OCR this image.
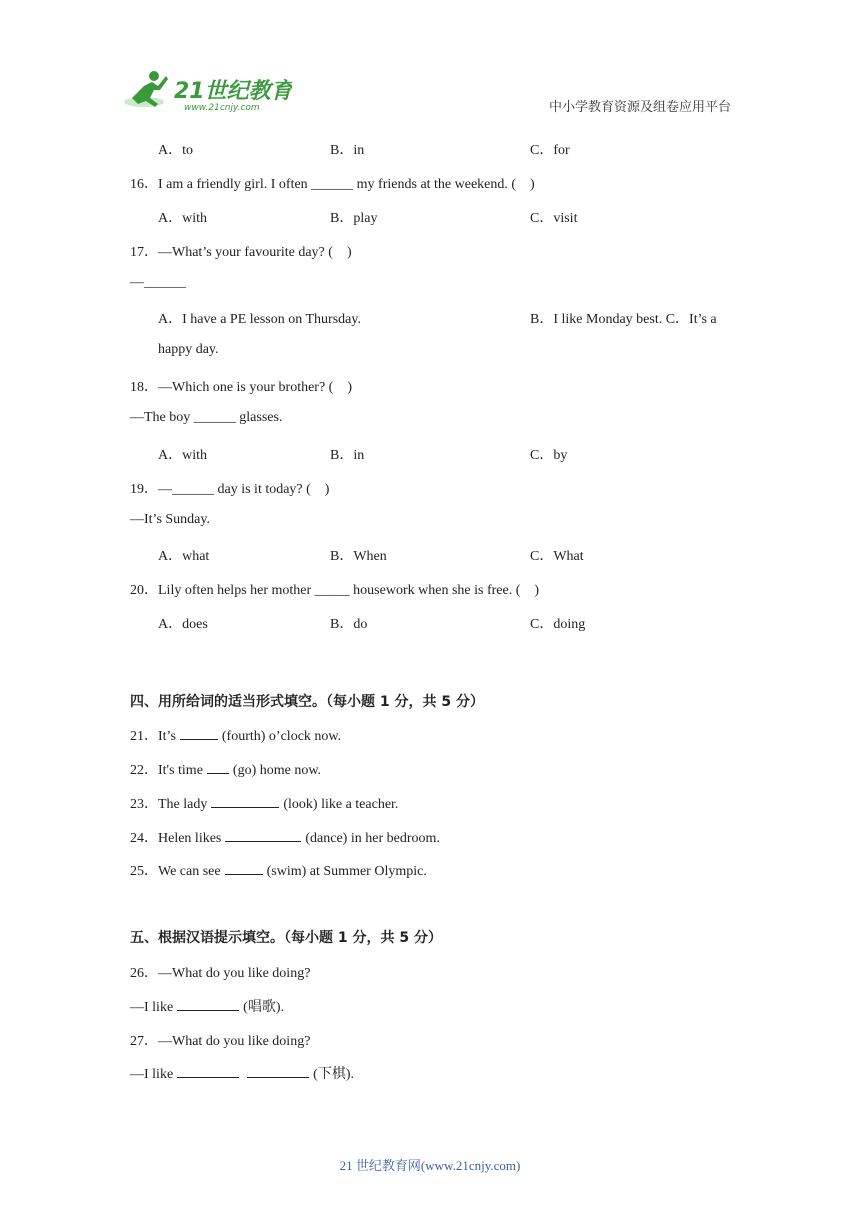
21世纪教育
www.21cnjy.com	中小学教育资源及组卷应用平台
A．to	B．in	C．for
16．I am a friendly girl. I often ______ my friends at the weekend. (　)
A．with	B．play	C．visit
17．—What’s your favourite day? (　)
—______
A．I have a PE lesson on Thursday.	B．I like Monday best. C．It’s a
happy day.
18．—Which one is your brother? (　)
—The boy ______ glasses.
A．with	B．in	C．by
19．—______ day is it today? (　)
—It’s Sunday.
A．what	B．When	C．What
20．Lily often helps her mother _____ housework when she is free. (　)
A．does	B．do	C．doing
四、用所给词的适当形式填空。（每小题 1 分，共 5 分）
21．It’s	(fourth) o’clock now.
22．It's time (go) home now.
23．The lady	(look) like a teacher.
24．Helen likes	(dance) in her bedroom.
25．We can see	(swim) at Summer Olympic.
五、根据汉语提示填空。（每小题 1 分，共 5 分）
26．—What do you like doing?
—I like	(唱歌).
27．—What do you like doing?
—I like	(下棋).
21 世纪教育网(www.21cnjy.com)
